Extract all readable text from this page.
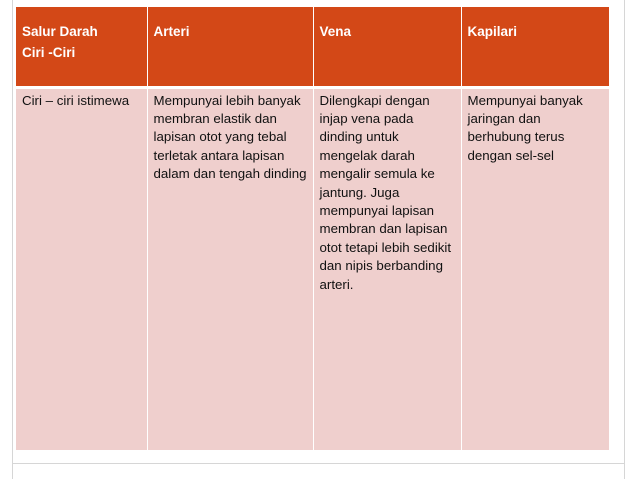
Salur Darah
Ciri -Ciri	Arteri	Vena	Kapilari

Ciri – ciri istimewa	Mempunyai lebih banyak membran elastik dan lapisan otot yang tebal terletak antara lapisan dalam dan tengah dinding	Dilengkapi dengan injap vena pada dinding untuk mengelak darah mengalir semula ke jantung. Juga mempunyai lapisan membran dan lapisan otot tetapi lebih sedikit dan nipis berbanding arteri.	Mempunyai banyak jaringan dan berhubung terus dengan sel-sel
